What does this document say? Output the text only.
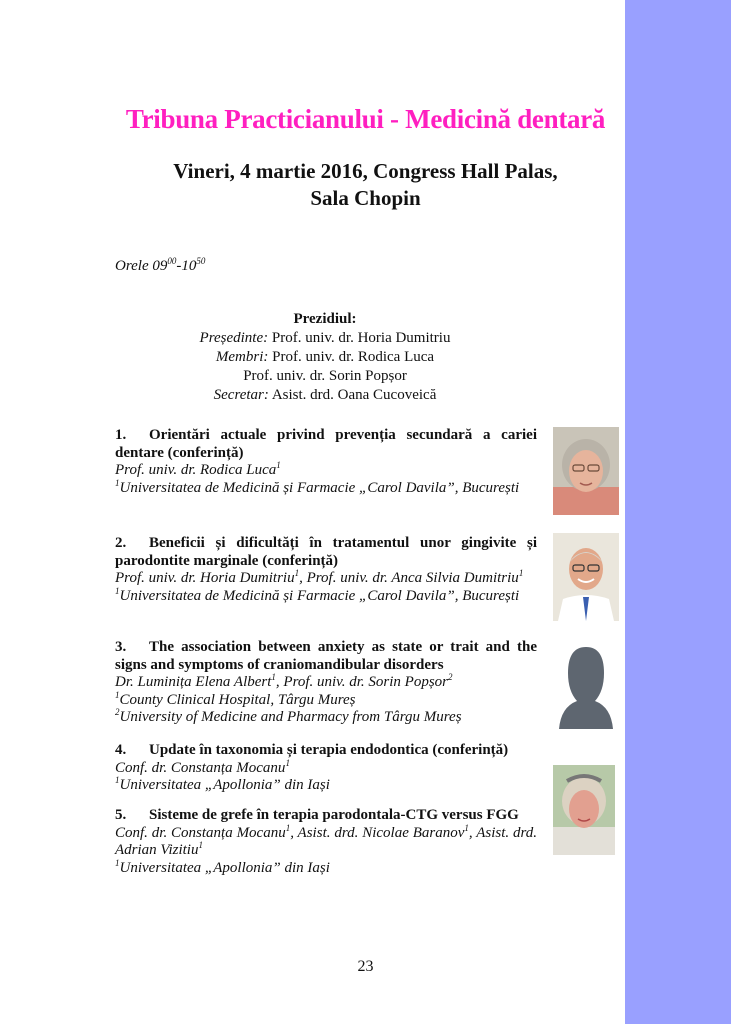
Tribuna Practicianului - Medicină dentară
Vineri, 4 martie 2016, Congress Hall Palas,
Sala Chopin
Orele $09^{00}-10^{50}$
Prezidiul:
Președinte: Prof. univ. dr. Horia Dumitriu
Membri: Prof. univ. dr. Rodica Luca
Prof. univ. dr. Sorin Popșor
Secretar: Asist. drd. Oana Cucoveică
1. Orientări actuale privind prevenția secundară a cariei dentare (conferință)
Prof. univ. dr. Rodica Luca$^1$
$^1$Universitatea de Medicină și Farmacie „Carol Davila”, București
2. Beneficii și dificultăți în tratamentul unor gingivite și parodontite marginale (conferință)
Prof. univ. dr. Horia Dumitriu$^1$, Prof. univ. dr. Anca Silvia Dumitriu$^1$
$^1$Universitatea de Medicină și Farmacie „Carol Davila”, București
3. The association between anxiety as state or trait and the signs and symptoms of craniomandibular disorders
Dr. Luminița Elena Albert$^1$, Prof. univ. dr. Sorin Popșor$^2$
$^1$County Clinical Hospital, Târgu Mureș
$^2$University of Medicine and Pharmacy from Târgu Mureș
4. Update în taxonomia și terapia endodontica (conferință)
Conf. dr. Constanța Mocanu$^1$
$^1$Universitatea „Apollonia” din Iași
5. Sisteme de grefe în terapia parodontala-CTG versus FGG
Conf. dr. Constanța Mocanu$^1$, Asist. drd. Nicolae Baranov$^1$, Asist. drd. Adrian Vizitiu$^1$
$^1$Universitatea „Apollonia” din Iași
23
